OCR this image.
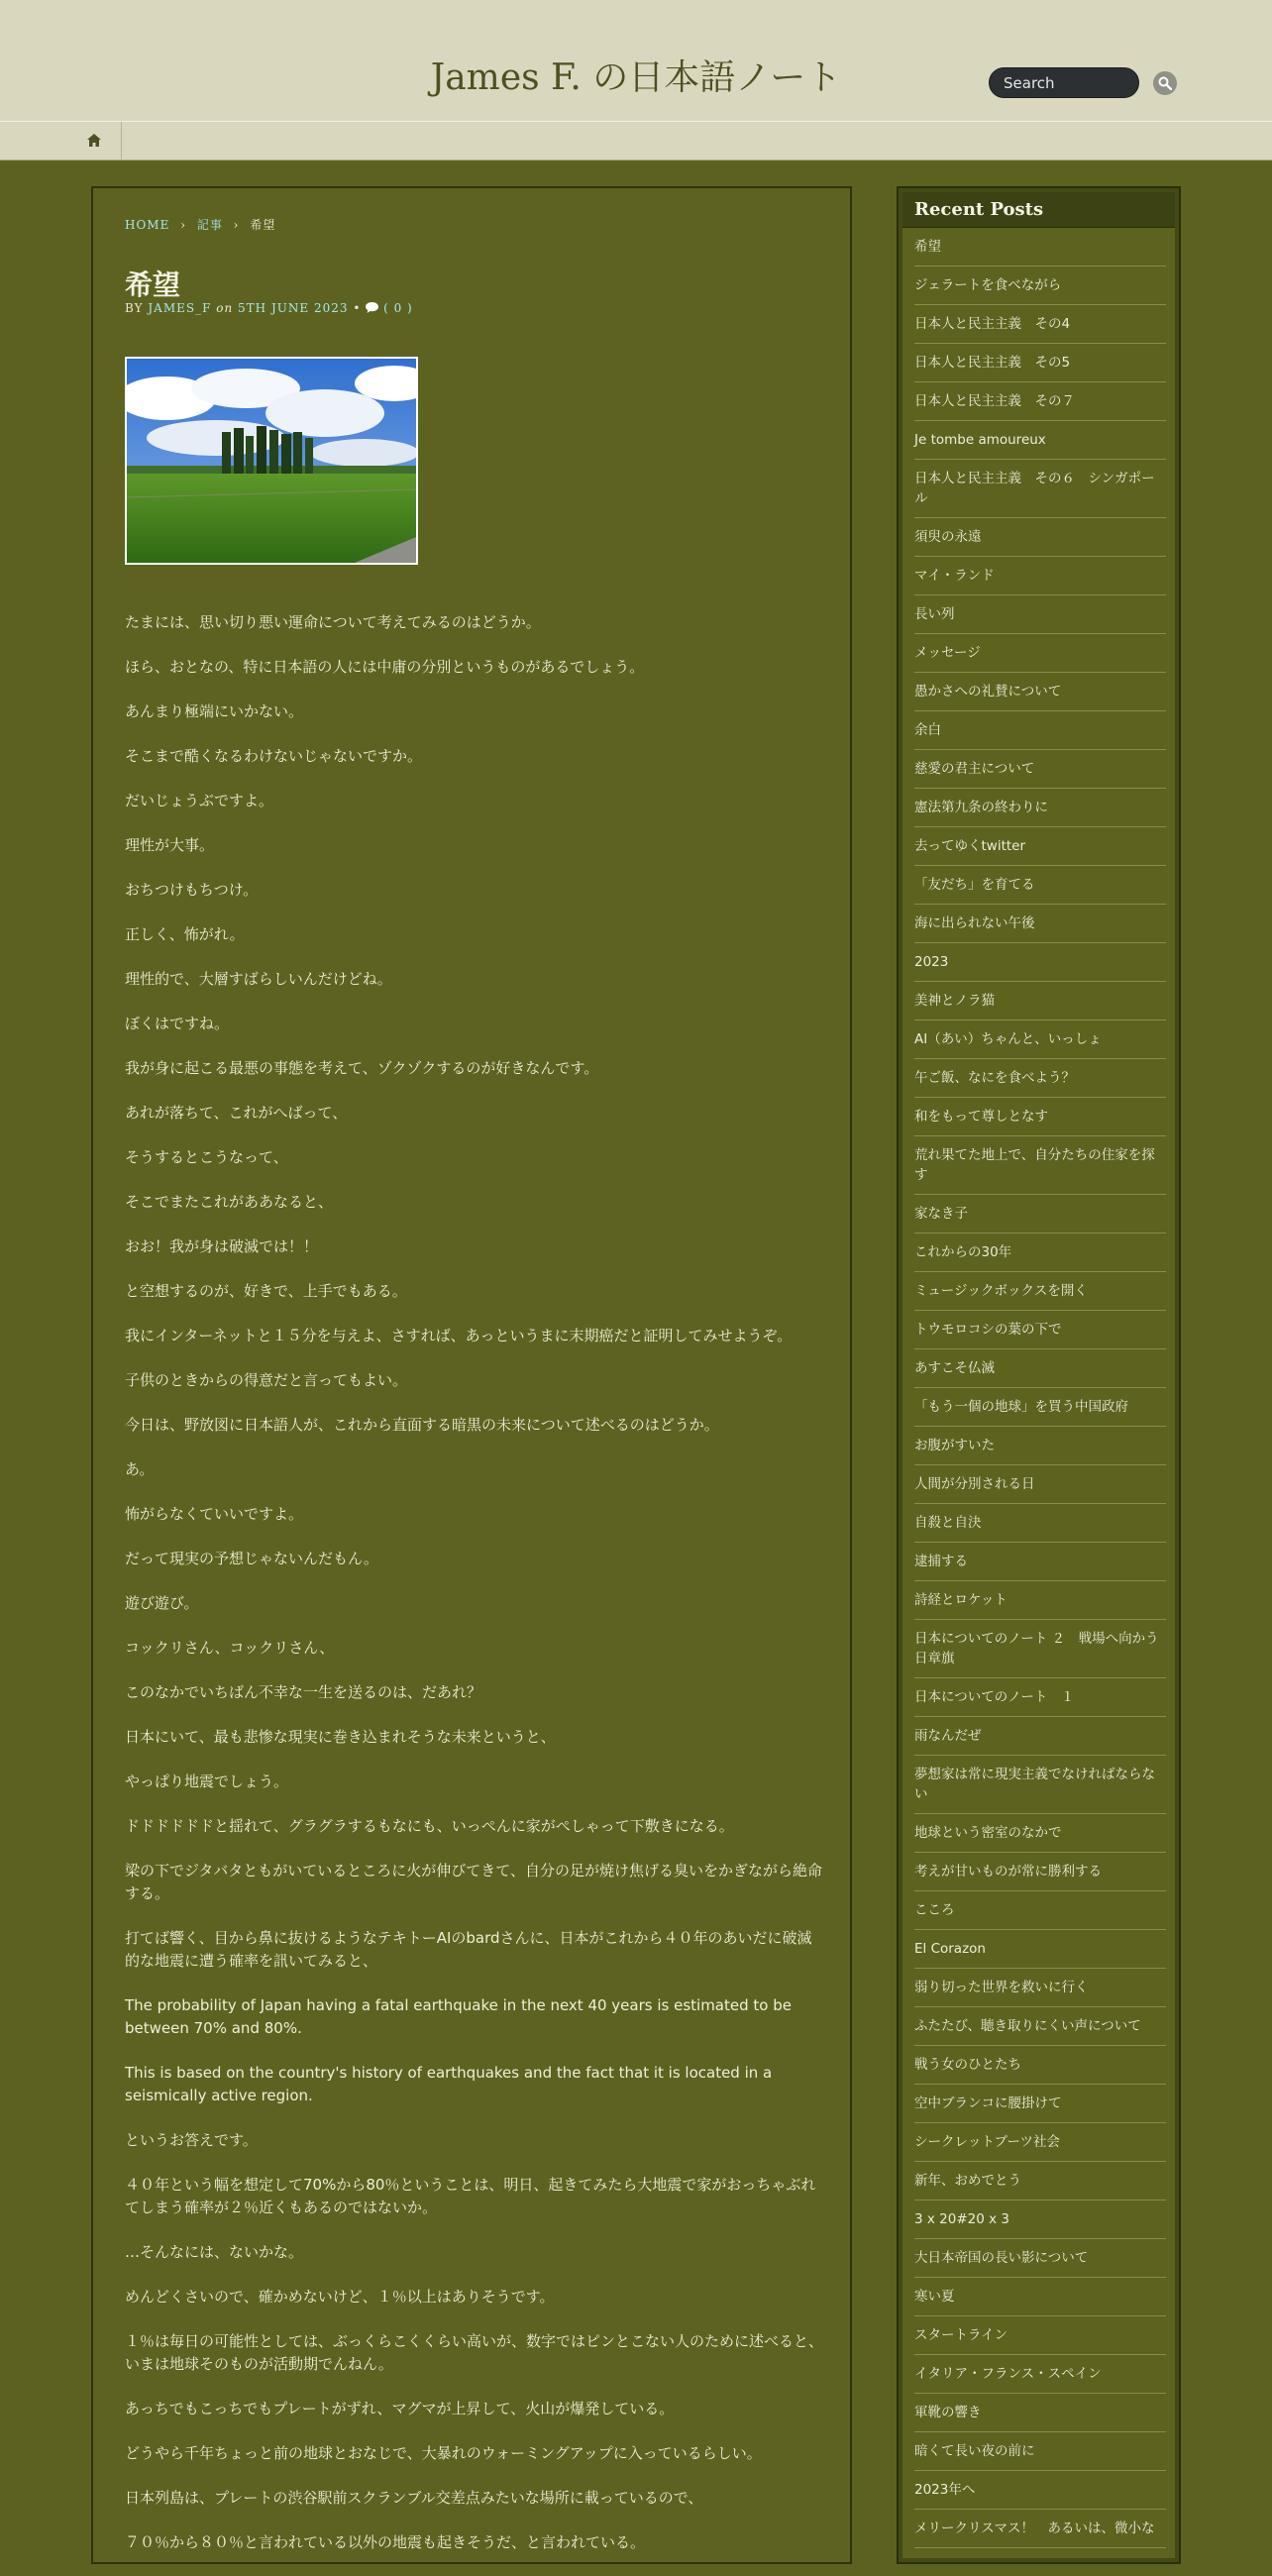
James F. の日本語ノート	Search
HOME › 記事 › 希望
希望
BY JAMES_F on 5TH JUNE 2023 • ( 0 )

たまには、思い切り悪い運命について考えてみるのはどうか。

ほら、おとなの、特に日本語の人には中庸の分別というものがあるでしょう。

あんまり極端にいかない。

そこまで酷くなるわけないじゃないですか。

だいじょうぶですよ。

理性が大事。

おちつけもちつけ。

正しく、怖がれ。

理性的で、大層すばらしいんだけどね。

ぼくはですね。

我が身に起こる最悪の事態を考えて、ゾクゾクするのが好きなんです。

あれが落ちて、これがへばって、

そうするとこうなって、

そこでまたこれがああなると、

おお！我が身は破滅では！！

と空想するのが、好きで、上手でもある。

我にインターネットと１５分を与えよ、さすれば、あっというまに末期癌だと証明してみせようぞ。

子供のときからの得意だと言ってもよい。

今日は、野放図に日本語人が、これから直面する暗黒の未来について述べるのはどうか。

あ。

怖がらなくていいですよ。

だって現実の予想じゃないんだもん。

遊び遊び。

コックリさん、コックリさん、

このなかでいちばん不幸な一生を送るのは、だあれ？

日本にいて、最も悲惨な現実に巻き込まれそうな未来というと、

やっぱり地震でしょう。

ドドドドドドと揺れて、グラグラするもなにも、いっぺんに家がぺしゃって下敷きになる。

梁の下でジタバタともがいているところに火が伸びてきて、自分の足が焼け焦げる臭いをかぎながら絶命する。

打てば響く、目から鼻に抜けるようなテキトーAIのbardさんに、日本がこれから４０年のあいだに破滅的な地震に遭う確率を訊いてみると、

The probability of Japan having a fatal earthquake in the next 40 years is estimated to be between 70% and 80%.

This is based on the country's history of earthquakes and the fact that it is located in a seismically active region.

というお答えです。

４０年という幅を想定して70%から80％ということは、明日、起きてみたら大地震で家がおっちゃぶれてしまう確率が２％近くもあるのではないか。

…そんなには、ないかな。

めんどくさいので、確かめないけど、１％以上はありそうです。

１％は毎日の可能性としては、ぶっくらこくくらい高いが、数字ではピンとこない人のために述べると、いまは地球そのものが活動期でんねん。

あっちでもこっちでもプレートがずれ、マグマが上昇して、火山が爆発している。

どうやら千年ちょっと前の地球とおなじで、大暴れのウォーミングアップに入っているらしい。

日本列島は、プレートの渋谷駅前スクランブル交差点みたいな場所に載っているので、

７０％から８０％と言われている以外の地震も起きそうだ、と言われている。

Recent Posts
希望
ジェラートを食べながら
日本人と民主主義　その4
日本人と民主主義　その5
日本人と民主主義　その７
Je tombe amoureux
日本人と民主主義　その６　シンガポール
須臾の永遠
マイ・ランド
長い列
メッセージ
愚かさへの礼賛について
余白
慈愛の君主について
憲法第九条の終わりに
去ってゆくtwitter
「友だち」を育てる
海に出られない午後
2023
美神とノラ猫
AI（あい）ちゃんと、いっしょ
午ご飯、なにを食べよう？
和をもって尊しとなす
荒れ果てた地上で、自分たちの住家を探す
家なき子
これからの30年
ミュージックボックスを開く
トウモロコシの葉の下で
あすこそ仏滅
「もう一個の地球」を買う中国政府
お腹がすいた
人間が分別される日
自殺と自決
逮捕する
詩経とロケット
日本についてのノート ２　戦場へ向かう日章旗
日本についてのノート　１
雨なんだぜ
夢想家は常に現実主義でなければならない
地球という密室のなかで
考えが甘いものが常に勝利する
こころ
El Corazon
弱り切った世界を救いに行く
ふたたび、聴き取りにくい声について
戦う女のひとたち
空中ブランコに腰掛けて
シークレットブーツ社会
新年、おめでとう
3 x 20#20 x 3
大日本帝国の長い影について
寒い夏
スタートライン
イタリア・フランス・スペイン
軍靴の響き
暗くて長い夜の前に
2023年へ
メリークリスマス！　あるいは、微小な
